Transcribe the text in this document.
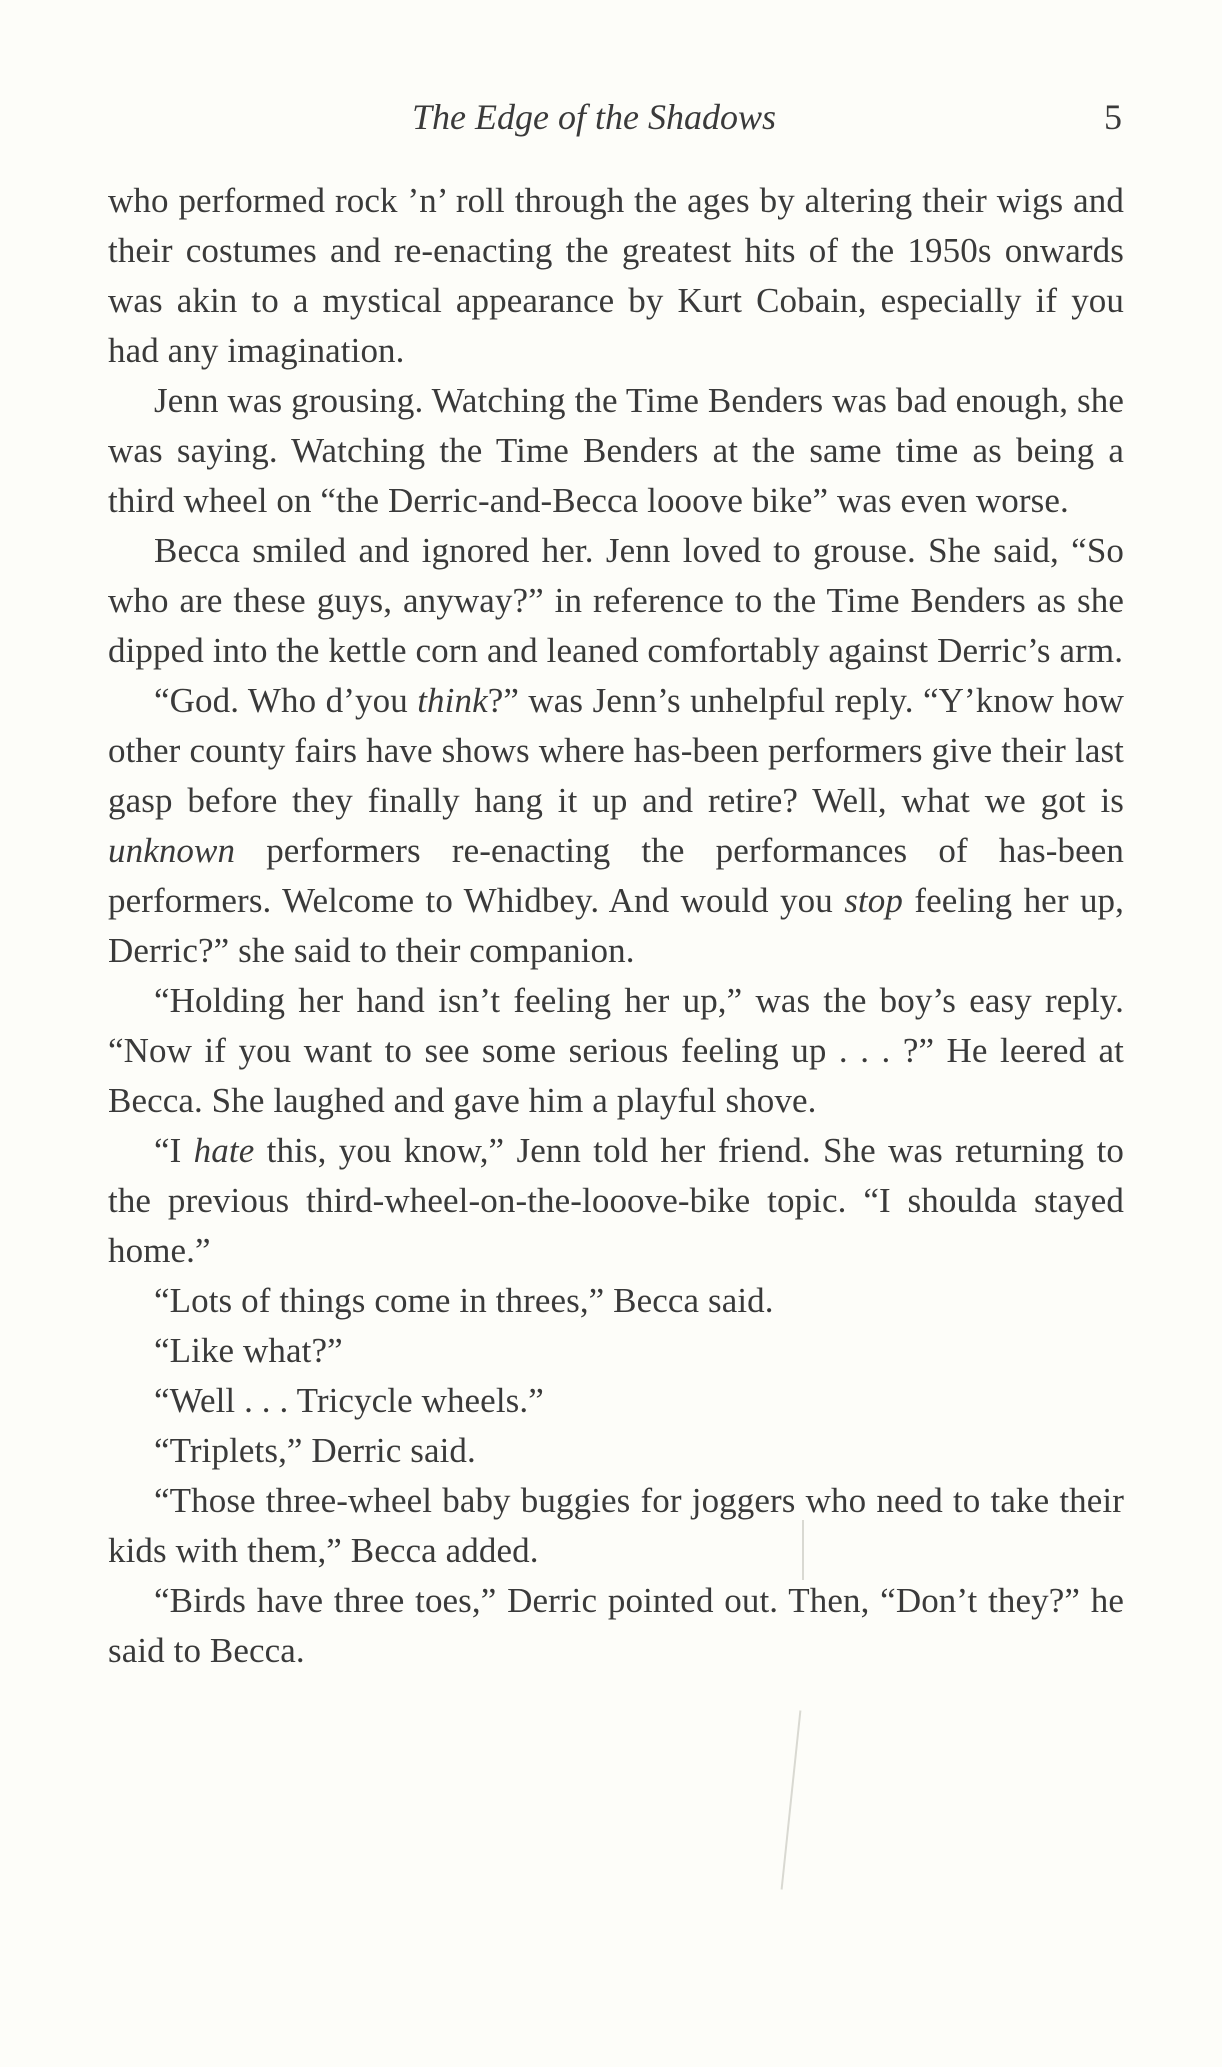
The Edge of the Shadows	5

who performed rock ’n’ roll through the ages by altering their wigs and their costumes and re-enacting the greatest hits of the 1950s onwards was akin to a mystical appearance by Kurt Cobain, especially if you had any imagination.

Jenn was grousing. Watching the Time Benders was bad enough, she was saying. Watching the Time Benders at the same time as being a third wheel on “the Derric-and-Becca looove bike” was even worse.

Becca smiled and ignored her. Jenn loved to grouse. She said, “So who are these guys, anyway?” in reference to the Time Benders as she dipped into the kettle corn and leaned comfortably against Derric’s arm.

“God. Who d’you think?” was Jenn’s unhelpful reply. “Y’know how other county fairs have shows where has-been performers give their last gasp before they finally hang it up and retire? Well, what we got is unknown performers re-enacting the performances of has-been performers. Welcome to Whidbey. And would you stop feeling her up, Derric?” she said to their companion.

“Holding her hand isn’t feeling her up,” was the boy’s easy reply. “Now if you want to see some serious feeling up . . . ?” He leered at Becca. She laughed and gave him a playful shove.

“I hate this, you know,” Jenn told her friend. She was returning to the previous third-wheel-on-the-looove-bike topic. “I shoulda stayed home.”

“Lots of things come in threes,” Becca said.

“Like what?”

“Well . . . Tricycle wheels.”

“Triplets,” Derric said.

“Those three-wheel baby buggies for joggers who need to take their kids with them,” Becca added.

“Birds have three toes,” Derric pointed out. Then, “Don’t they?” he said to Becca.
